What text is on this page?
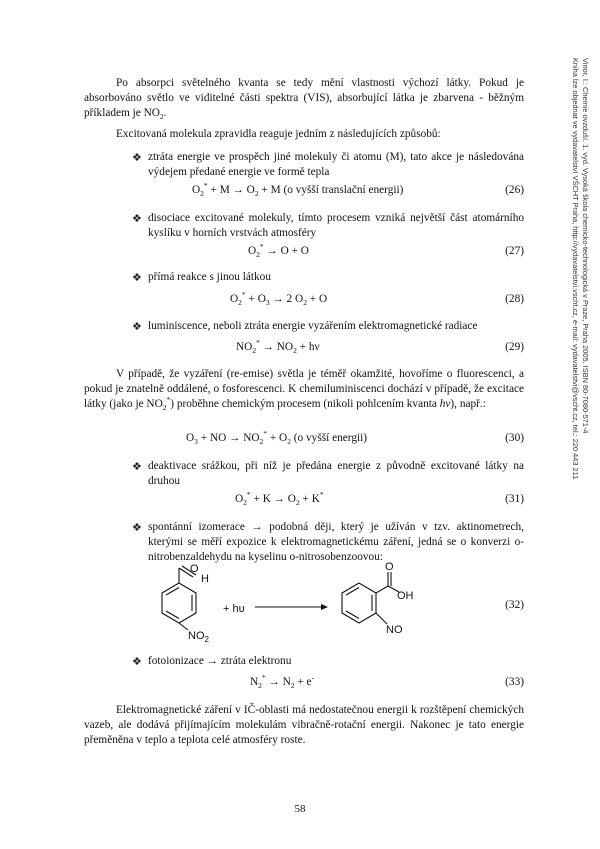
Vinor, I.: Chemie ovzduší. 1. vyd. Vysoká škola chemicko-technologická v Praze, Praha 2005. ISBN 80-7080-571-4
Kniha lze objednat ve vydavatelství VŠCHT Praha, http://vydavatelstvi.vscht.cz, e-mail: vydavatelstvi@vscht.cz, tel.: 220 443 211

Po absorpci světelného kvanta se tedy mění vlastnosti výchozí látky. Pokud je absorbováno světlo ve viditelné části spektra (VIS), absorbující látka je zbarvena - běžným příkladem je $NO_2$.

Excitovaná molekula zpravidla reaguje jedním z následujících způsobů:

❖ ztráta energie ve prospěch jiné molekuly či atomu (M), tato akce je následována výdejem předané energie ve formě tepla

$O_2^* + M \to O_2 + M$ (o vyšší translační energii)	(26)
❖ disociace excitované molekuly, tímto procesem vzniká největší část atomárního kyslíku v horních vrstvách atmosféry

$O_2^* \to O + O$	(27)
❖ přímá reakce s jinou látkou

$O_2^* + O_3 \to 2$ $O_2 + O$	(28)
❖ luminiscence, neboli ztráta energie vyzářením elektromagnetické radiace

$NO_2^* \to NO_2 + h\nu$	(29)

V případě, že vyzáření (re-emise) světla je téměř okamžité, hovoříme o fluorescenci, a pokud je znatelně oddálené, o fosforescenci. K chemiluminiscenci dochází v případě, že excitace látky (jako je $NO_2^*$) proběhne chemickým procesem (nikoli pohlcením kvanta hν), např.:

$O_3$ + NO → $NO_2^* + O_2$ (o vyšší energii)	(30)
❖ deaktivace srážkou, při níž je předána energie z původně excitované látky na druhou

$O_2^* + K \to O_2 + K^*$	(31)
❖ spontánní izomerace → podobná ději, který je užíván v tzv. aktinometrech, kterými se měří expozice k elektromagnetickému záření, jedná se o konverzi o-nitrobenzaldehydu na kyselinu o-nitrosobenzoovou:

O
H
$NO_2$
+ hυ
O
OH
NO
(32)
❖ fotoionizace → ztráta elektronu

$N_2^* \to N_2 + e^-$	(33)

Elektromagnetické záření v IČ-oblasti má nedostatečnou energii k rozštěpení chemických vazeb, ale dodává přijímajícím molekulám vibračně-rotační energii. Nakonec je tato energie přeměněna v teplo a teplota celé atmosféry roste.

58
